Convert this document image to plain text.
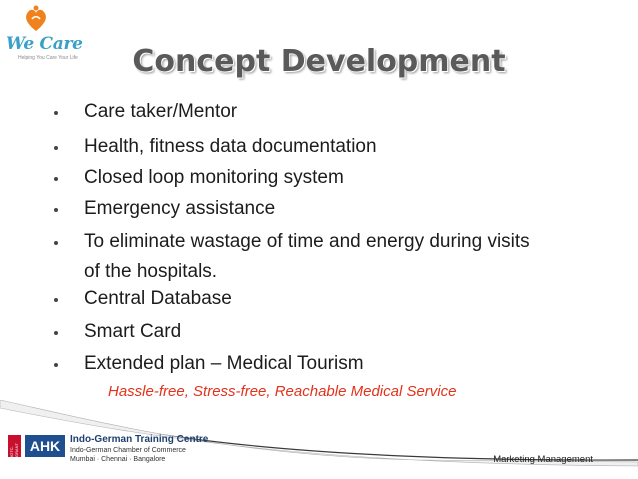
We Care
Helping You Care Your Life	Concept Development
Care taker/Mentor
Health, fitness data documentation
Closed loop monitoring system
Emergency assistance
To eliminate wastage of time and energy during visits
of the hospitals.
Central Database
Smart Card
Extended plan – Medical Tourism
Hassle-free, Stress-free, Reachable Medical Service
IGTC-GRANT AHK Indo-German Training Centre
Indo-German Chamber of Commerce
Mumbai · Chennai · Bangalore	Marketing Management
